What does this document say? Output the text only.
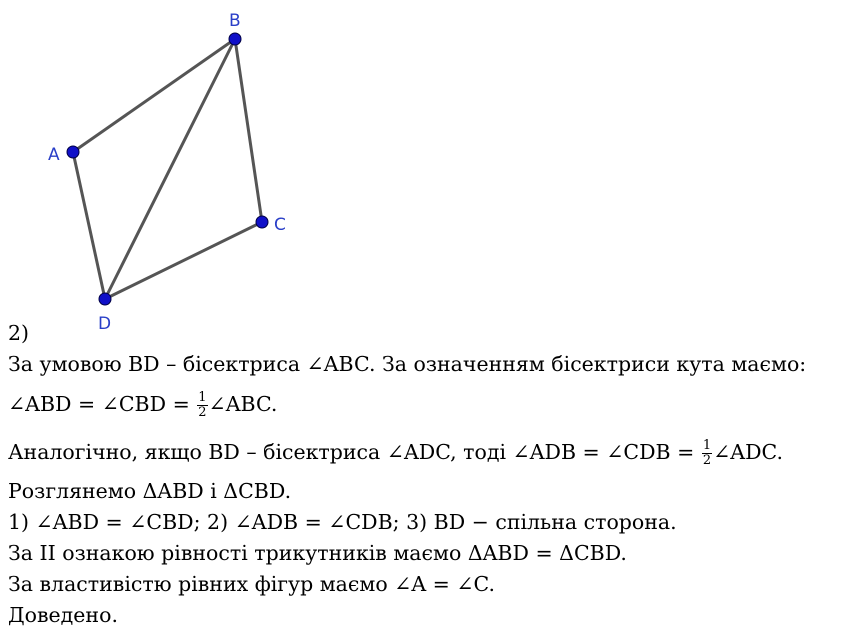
A
B
C
D
2)
За умовою BD – бісектриса ∠ABC. За означенням бісектриси кута маємо:
∠ABD = ∠CBD = $\frac{1}{2}$ ∠ABC.
Аналогічно, якщо BD – бісектриса ∠ADC, тоді ∠ADB = ∠CDB = $\frac{1}{2}$ ∠ADC.
Розглянемо ΔABD і ΔCBD.
1) ∠ABD = ∠CBD; 2) ∠ADB = ∠CDB; 3) BD − спільна сторона.
За II ознакою рівності трикутників маємо ΔABD = ΔCBD.
За властивістю рівних фігур маємо ∠A = ∠C.
Доведено.
